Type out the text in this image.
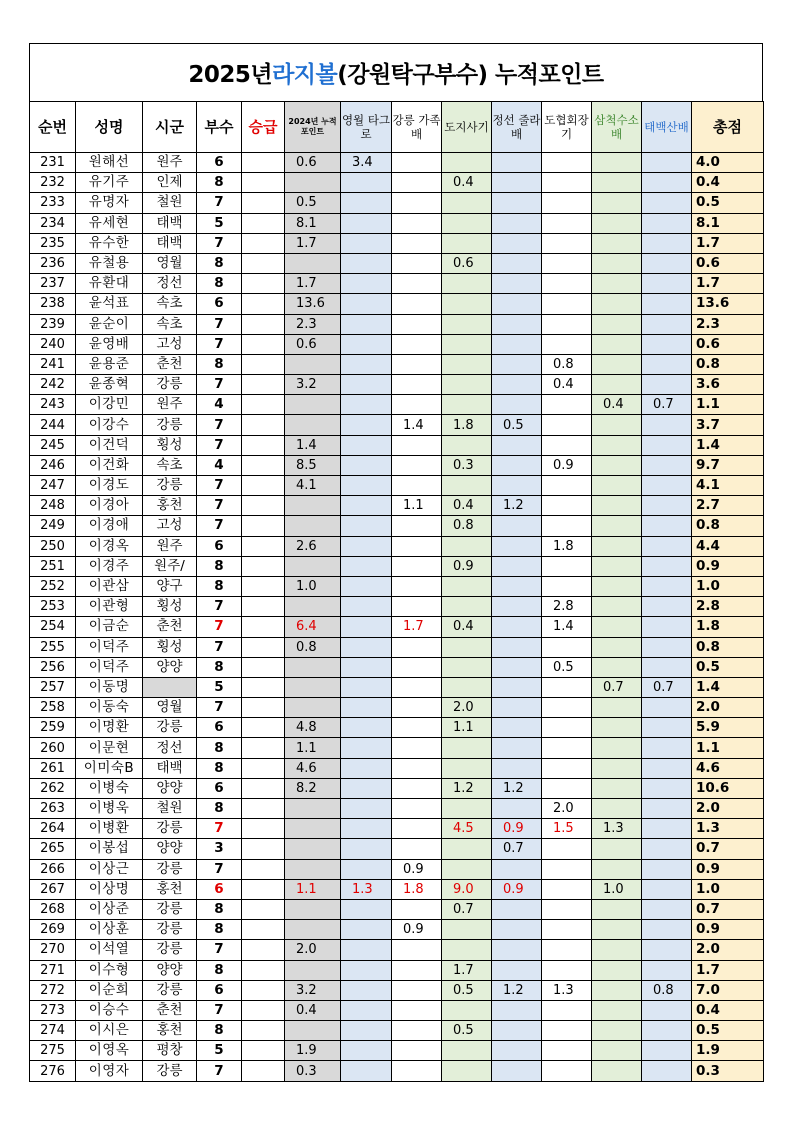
2025년 라지볼 (강원탁구부수) 누적포인트
순번	성명	시군	부수	승급	2024년 누적포인트	영월 타그로	강릉 가족배	도지사기	정선 줄라배	도협회장기	삼척수소배	태백산배	총점
231	원해선	원주	6		0.6	3.4							4.0
232	유기주	인제	8					0.4					0.4
233	유명자	철원	7		0.5								0.5
234	유세현	태백	5		8.1								8.1
235	유수한	태백	7		1.7								1.7
236	유철용	영월	8					0.6					0.6
237	유환대	정선	8		1.7								1.7
238	윤석표	속초	6		13.6								13.6
239	윤순이	속초	7		2.3								2.3
240	윤영배	고성	7		0.6								0.6
241	윤용준	춘천	8							0.8			0.8
242	윤종혁	강릉	7		3.2					0.4			3.6
243	이강민	원주	4								0.4	0.7	1.1
244	이강수	강릉	7				1.4	1.8	0.5				3.7
245	이건덕	횡성	7		1.4								1.4
246	이건화	속초	4		8.5			0.3		0.9			9.7
247	이경도	강릉	7		4.1								4.1
248	이경아	홍천	7				1.1	0.4	1.2				2.7
249	이경애	고성	7					0.8					0.8
250	이경옥	원주	6		2.6					1.8			4.4
251	이경주	원주/	8					0.9					0.9
252	이관삼	양구	8		1.0								1.0
253	이관형	횡성	7							2.8			2.8
254	이금순	춘천	7		6.4		1.7	0.4		1.4			1.8
255	이덕주	횡성	7		0.8								0.8
256	이덕주	양양	8							0.5			0.5
257	이동명		5								0.7	0.7	1.4
258	이동숙	영월	7					2.0					2.0
259	이명환	강릉	6		4.8			1.1					5.9
260	이문현	정선	8		1.1								1.1
261	이미숙B	태백	8		4.6								4.6
262	이병숙	양양	6		8.2			1.2	1.2				10.6
263	이병욱	철원	8							2.0			2.0
264	이병환	강릉	7					4.5	0.9	1.5	1.3		1.3
265	이봉섭	양양	3						0.7				0.7
266	이상근	강릉	7				0.9						0.9
267	이상명	홍천	6		1.1	1.3	1.8	9.0	0.9		1.0		1.0
268	이상준	강릉	8					0.7					0.7
269	이상훈	강릉	8				0.9						0.9
270	이석열	강릉	7		2.0								2.0
271	이수형	양양	8					1.7					1.7
272	이순희	강릉	6		3.2			0.5	1.2	1.3		0.8	7.0
273	이승수	춘천	7		0.4								0.4
274	이시은	홍천	8					0.5					0.5
275	이영옥	평창	5		1.9								1.9
276	이영자	강릉	7		0.3								0.3
